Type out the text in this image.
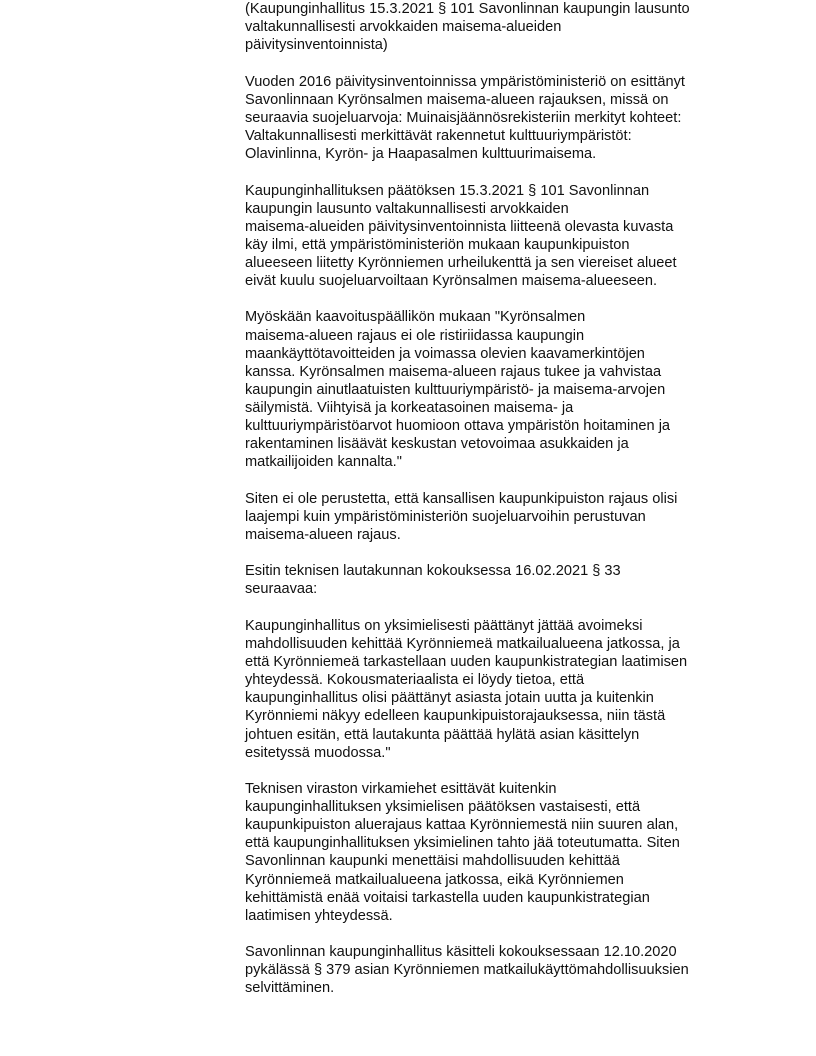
(Kaupunginhallitus 15.3.2021 § 101 Savonlinnan kaupungin lausunto
valtakunnallisesti arvokkaiden maisema-alueiden
päivitysinventoinnista)
Vuoden 2016 päivitysinventoinnissa ympäristöministeriö on esittänyt
Savonlinnaan Kyrönsalmen maisema-alueen rajauksen, missä on
seuraavia suojeluarvoja: Muinaisjäännösrekisteriin merkityt kohteet:
Valtakunnallisesti merkittävät rakennetut kulttuuriympäristöt:
Olavinlinna, Kyrön- ja Haapasalmen kulttuurimaisema.
Kaupunginhallituksen päätöksen 15.3.2021 § 101 Savonlinnan
kaupungin lausunto valtakunnallisesti arvokkaiden
maisema-alueiden päivitysinventoinnista liitteenä olevasta kuvasta
käy ilmi, että ympäristöministeriön mukaan kaupunkipuiston
alueeseen liitetty Kyrönniemen urheilukenttä ja sen viereiset alueet
eivät kuulu suojeluarvoiltaan Kyrönsalmen maisema-alueeseen.
Myöskään kaavoituspäällikön mukaan "Kyrönsalmen
maisema-alueen rajaus ei ole ristiriidassa kaupungin
maankäyttötavoitteiden ja voimassa olevien kaavamerkintöjen
kanssa. Kyrönsalmen maisema-alueen rajaus tukee ja vahvistaa
kaupungin ainutlaatuisten kulttuuriympäristö- ja maisema-arvojen
säilymistä. Viihtyisä ja korkeatasoinen maisema- ja
kulttuuriympäristöarvot huomioon ottava ympäristön hoitaminen ja
rakentaminen lisäävät keskustan vetovoimaa asukkaiden ja
matkailijoiden kannalta."
Siten ei ole perustetta, että kansallisen kaupunkipuiston rajaus olisi
laajempi kuin ympäristöministeriön suojeluarvoihin perustuvan
maisema-alueen rajaus.
Esitin teknisen lautakunnan kokouksessa 16.02.2021 § 33
seuraavaa:
Kaupunginhallitus on yksimielisesti päättänyt jättää avoimeksi
mahdollisuuden kehittää Kyrönniemeä matkailualueena jatkossa, ja
että Kyrönniemeä tarkastellaan uuden kaupunkistrategian laatimisen
yhteydessä. Kokousmateriaalista ei löydy tietoa, että
kaupunginhallitus olisi päättänyt asiasta jotain uutta ja kuitenkin
Kyrönniemi näkyy edelleen kaupunkipuistorajauksessa, niin tästä
johtuen esitän, että lautakunta päättää hylätä asian käsittelyn
esitetyssä muodossa."
Teknisen viraston virkamiehet esittävät kuitenkin
kaupunginhallituksen yksimielisen päätöksen vastaisesti, että
kaupunkipuiston aluerajaus kattaa Kyrönniemestä niin suuren alan,
että kaupunginhallituksen yksimielinen tahto jää toteutumatta. Siten
Savonlinnan kaupunki menettäisi mahdollisuuden kehittää
Kyrönniemeä matkailualueena jatkossa, eikä Kyrönniemen
kehittämistä enää voitaisi tarkastella uuden kaupunkistrategian
laatimisen yhteydessä.
Savonlinnan kaupunginhallitus käsitteli kokouksessaan 12.10.2020
pykälässä § 379 asian Kyrönniemen matkailukäyttömahdollisuuksien
selvittäminen.
